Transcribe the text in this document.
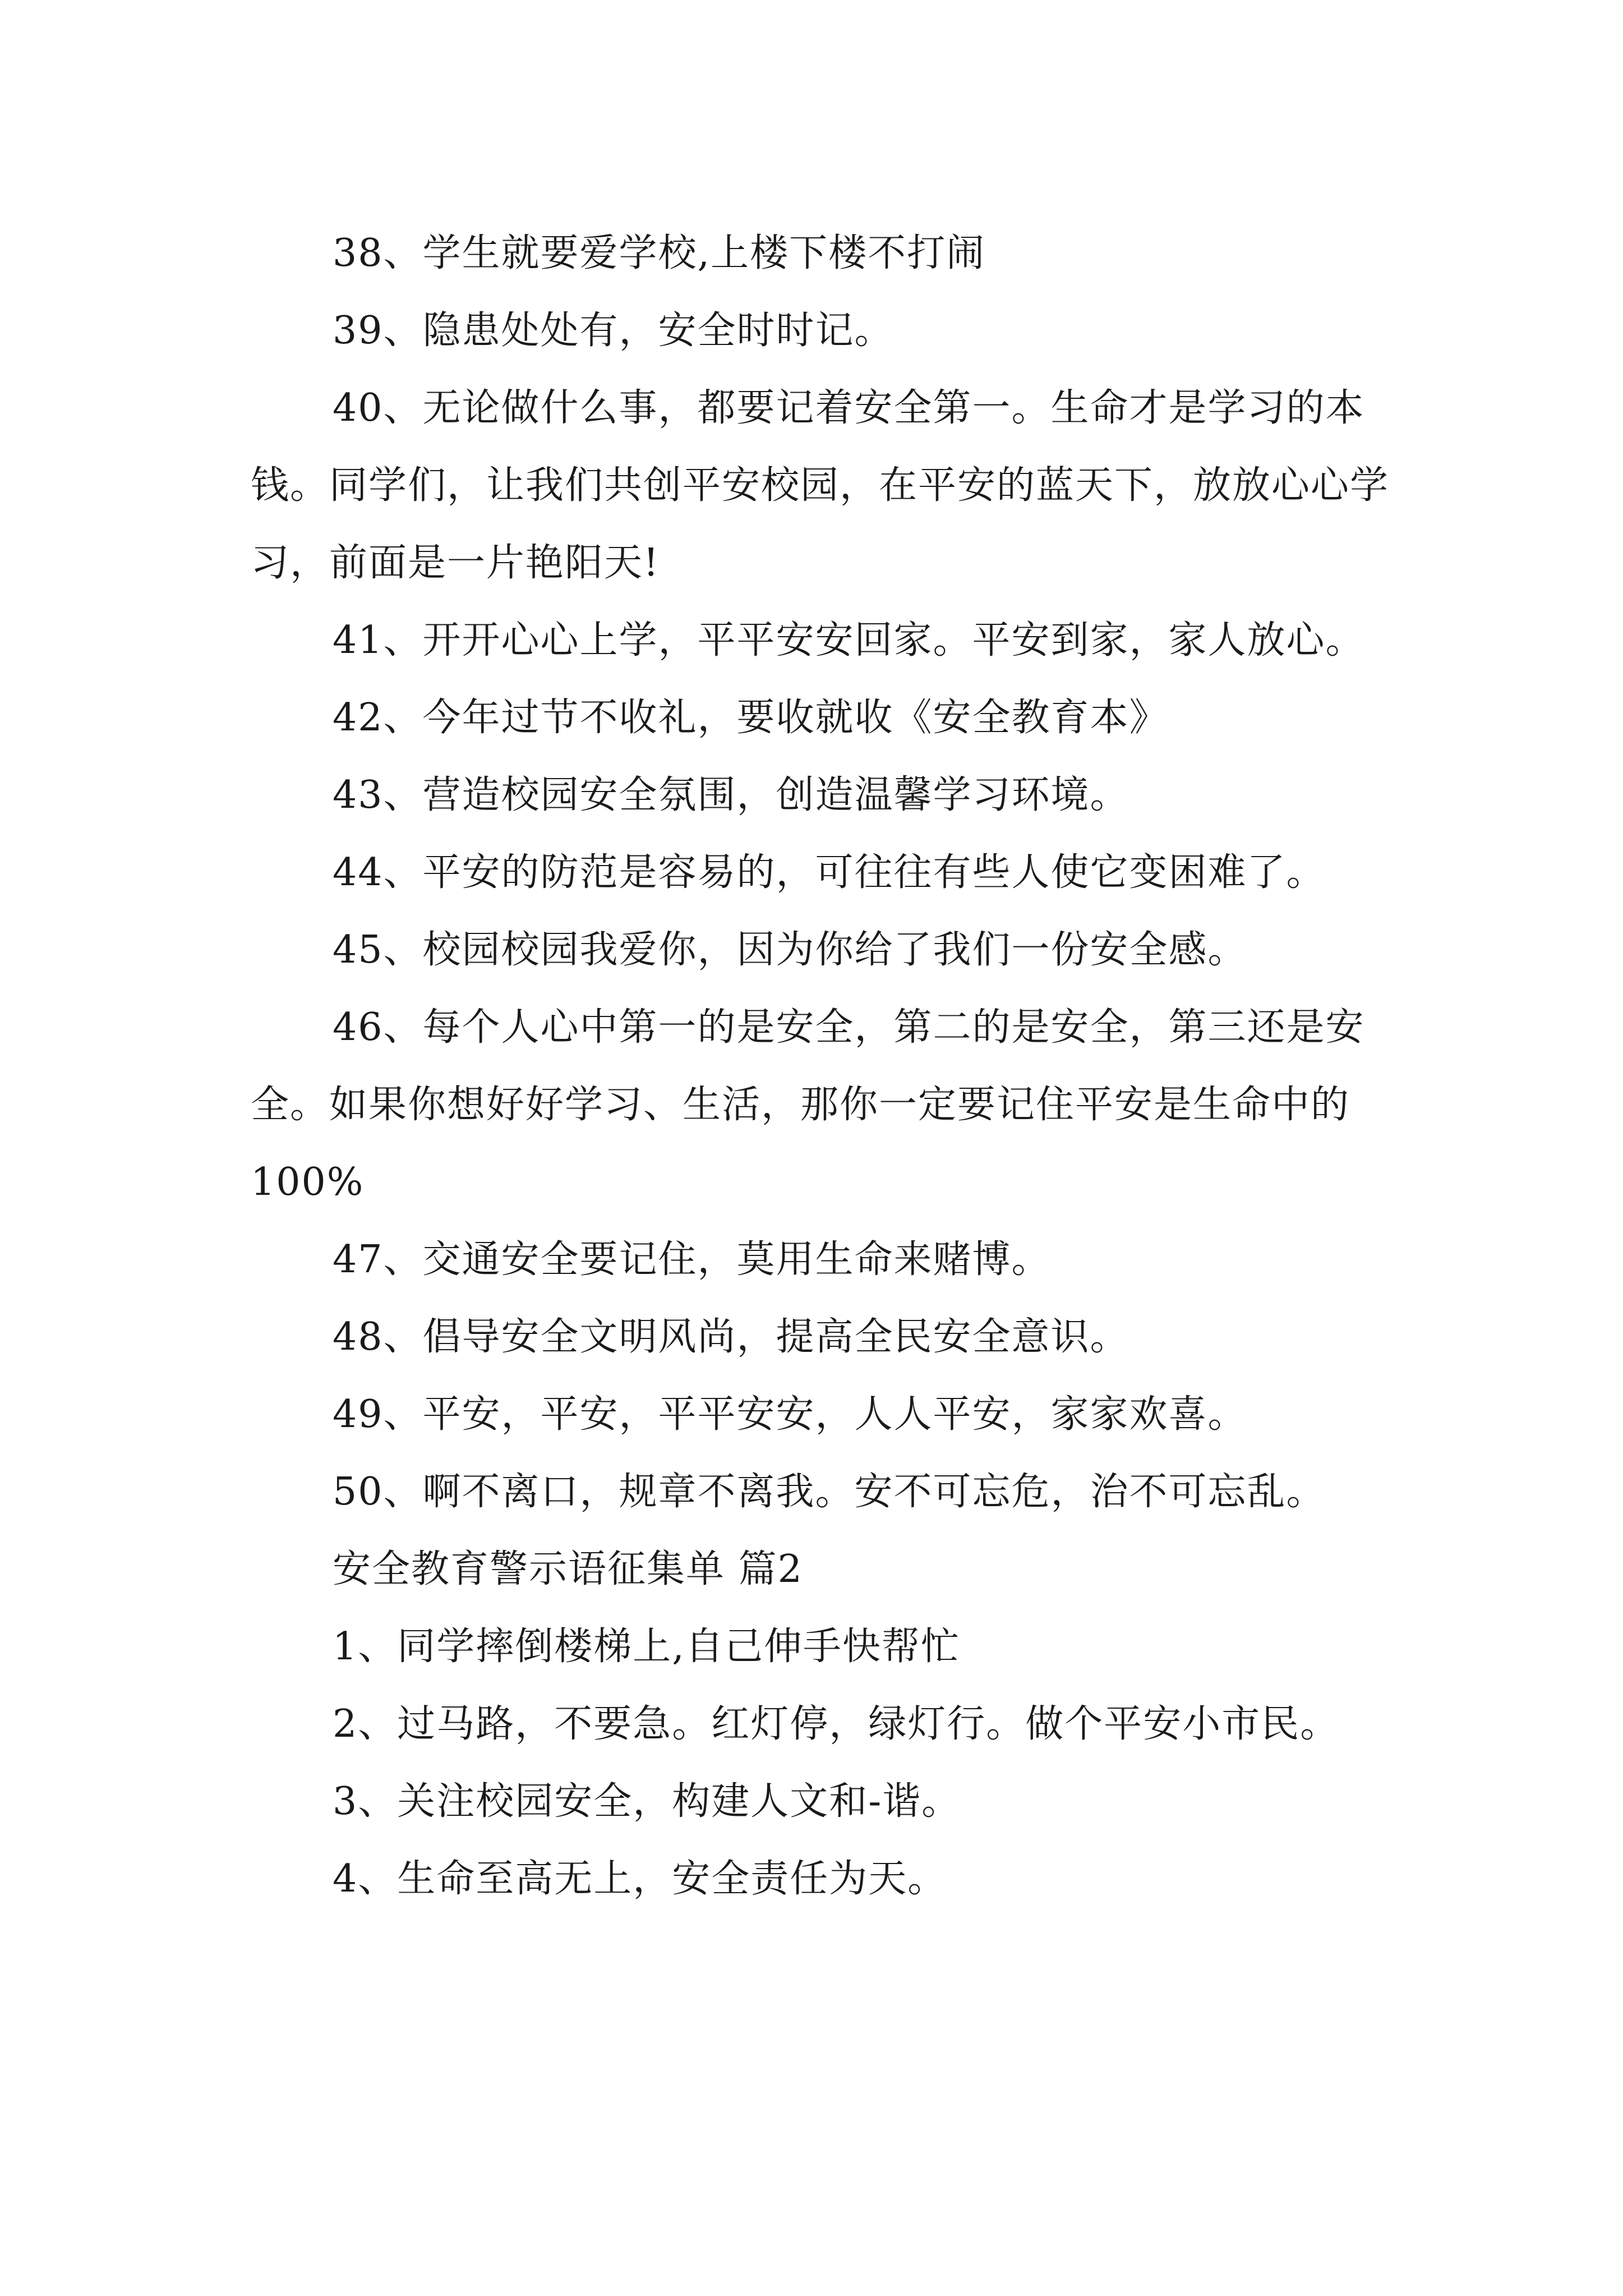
38、学生就要爱学校,上楼下楼不打闹

39、隐患处处有，安全时时记。

40、无论做什么事，都要记着安全第一。生命才是学习的本钱。同学们，让我们共创平安校园，在平安的蓝天下，放放心心学习，前面是一片艳阳天!

41、开开心心上学，平平安安回家。平安到家，家人放心。

42、今年过节不收礼，要收就收《安全教育本》

43、营造校园安全氛围，创造温馨学习环境。

44、平安的防范是容易的，可往往有些人使它变困难了。

45、校园校园我爱你，因为你给了我们一份安全感。

46、每个人心中第一的是安全，第二的是安全，第三还是安全。如果你想好好学习、生活，那你一定要记住平安是生命中的100%

47、交通安全要记住，莫用生命来赌博。

48、倡导安全文明风尚，提高全民安全意识。

49、平安，平安，平平安安，人人平安，家家欢喜。

50、啊不离口，规章不离我。安不可忘危，治不可忘乱。

安全教育警示语征集单 篇2

1、同学摔倒楼梯上,自己伸手快帮忙

2、过马路，不要急。红灯停，绿灯行。做个平安小市民。

3、关注校园安全，构建人文和-谐。

4、生命至高无上，安全责任为天。
